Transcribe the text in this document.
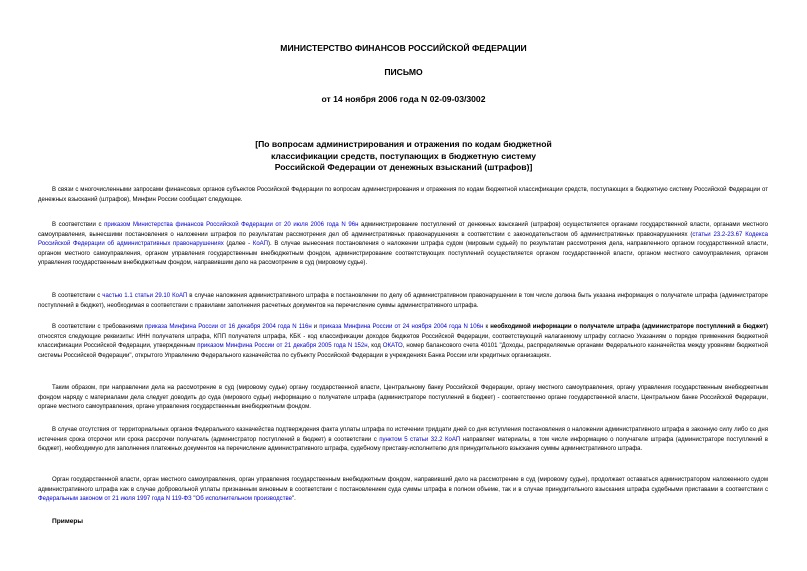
МИНИСТЕРСТВО ФИНАНСОВ РОССИЙСКОЙ ФЕДЕРАЦИИ
ПИСЬМО
от 14 ноября 2006 года N 02-09-03/3002
[По вопросам администрирования и отражения по кодам бюджетной
классификации средств, поступающих в бюджетную систему
Российской Федерации от денежных взысканий (штрафов)]

В связи с многочисленными запросами финансовых органов субъектов Российской Федерации по вопросам администрирования и отражения по кодам бюджетной классификации средств, поступающих в бюджетную систему Российской Федерации от денежных взысканий (штрафов), Минфин России сообщает следующее.

В соответствии с приказом Министерства финансов Российской Федерации от 20 июля 2006 года N 96н администрирование поступлений от денежных взысканий (штрафов) осуществляется органами государственной власти, органами местного самоуправления, вынесшими постановления о наложении штрафов по результатам рассмотрения дел об административных правонарушениях в соответствии с законодательством об административных правонарушениях (статьи 23.2-23.67 Кодекса Российской Федерации об административных правонарушениях (далее - КоАП). В случае вынесения постановления о наложении штрафа судом (мировым судьей) по результатам рассмотрения дела, направленного органом государственной власти, органом местного самоуправления, органом управления государственным внебюджетным фондом, администрирование соответствующих поступлений осуществляется органом государственной власти, органом местного самоуправления, органом управления государственным внебюджетным фондом, направившим дело на рассмотрение в суд (мировому судье).

В соответствии с частью 1.1 статьи 29.10 КоАП в случае наложения административного штрафа в постановлении по делу об административном правонарушении в том числе должна быть указана информация о получателе штрафа (администраторе поступлений в бюджет), необходимая в соответствии с правилами заполнения расчетных документов на перечисление суммы административного штрафа.

В соответствии с требованиями приказа Минфина России от 16 декабря 2004 года N 116н и приказа Минфина России от 24 ноября 2004 года N 106н к необходимой информации о получателе штрафа (администраторе поступлений в бюджет) относятся следующие реквизиты: ИНН получателя штрафа, КПП получателя штрафа, КБК - код классификации доходов бюджетов Российской Федерации, соответствующий налагаемому штрафу согласно Указаниям о порядке применения бюджетной классификации Российской Федерации, утвержденным приказом Минфина России от 21 декабря 2005 года N 152н, код ОКАТО, номер балансового счета 40101 "Доходы, распределяемые органами Федерального казначейства между уровнями бюджетной системы Российской Федерации", открытого Управлению Федерального казначейства по субъекту Российской Федерации в учреждениях Банка России или кредитных организациях.

Таким образом, при направлении дела на рассмотрение в суд (мировому судье) органу государственной власти, Центральному банку Российской Федерации, органу местного самоуправления, органу управления государственным внебюджетным фондом наряду с материалами дела следует доводить до суда (мирового судьи) информацию о получателе штрафа (администраторе поступлений в бюджет) - соответственно органе государственной власти, Центральном банке Российской Федерации, органе местного самоуправления, органе управления государственным внебюджетным фондом.

В случае отсутствия от территориальных органов Федерального казначейства подтверждения факта уплаты штрафа по истечении тридцати дней со дня вступления постановления о наложении административного штрафа в законную силу либо со дня истечения срока отсрочки или срока рассрочки получатель (администратор поступлений в бюджет) в соответствии с пунктом 5 статьи 32.2 КоАП направляет материалы, в том числе информацию о получателе штрафа (администраторе поступлений в бюджет), необходимую для заполнения платежных документов на перечисление административного штрафа, судебному приставу-исполнителю для принудительного взыскания суммы административного штрафа.

Орган государственной власти, орган местного самоуправления, орган управления государственным внебюджетным фондом, направивший дело на рассмотрение в суд (мировому судье), продолжает оставаться администратором наложенного судом административного штрафа как в случае добровольной уплаты признанным виновным в соответствии с постановлением суда суммы штрафа в полном объеме, так и в случае принудительного взыскания штрафа судебными приставами в соответствии с Федеральным законом от 21 июля 1997 года N 119-ФЗ "Об исполнительном производстве".

Примеры
